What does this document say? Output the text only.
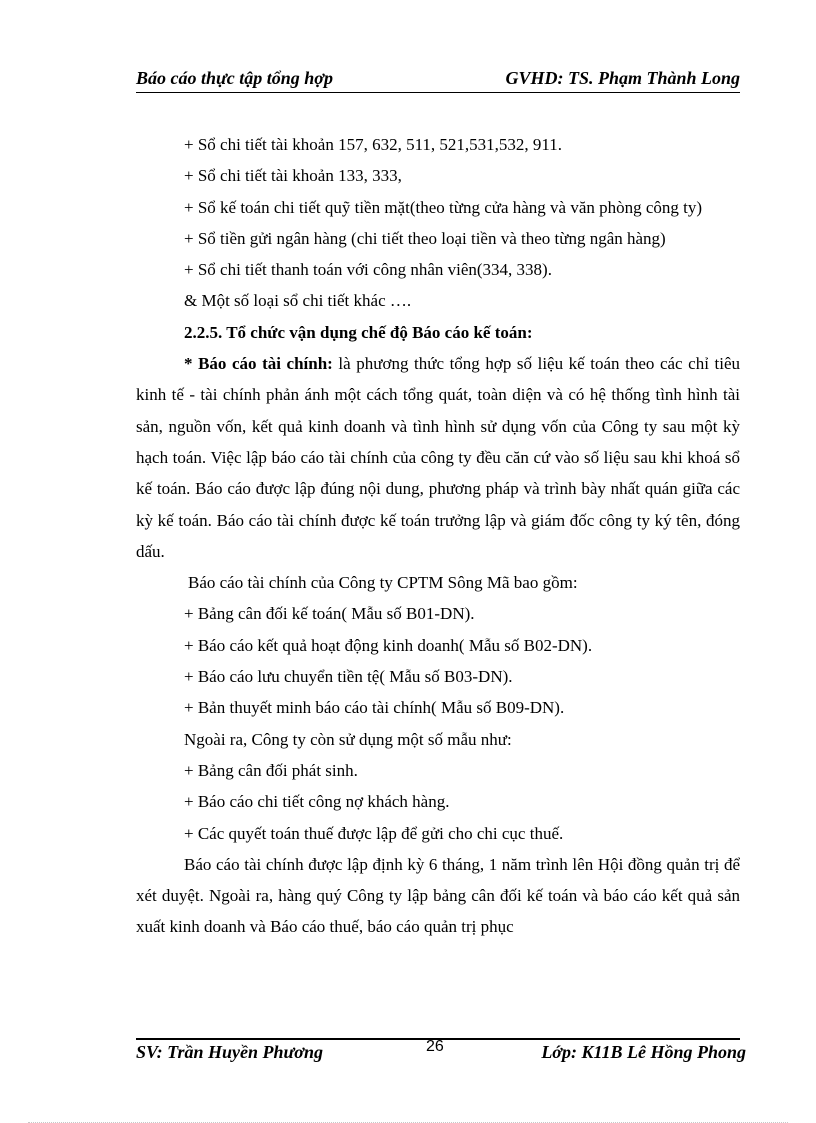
Báo cáo thực tập tổng hợp	GVHD: TS. Phạm Thành Long

+ Sổ chi tiết tài khoản 157, 632, 511, 521,531,532, 911.

+ Sổ chi tiết tài khoản 133, 333,

+ Sổ kế toán chi tiết quỹ tiền mặt(theo từng cửa hàng và văn phòng công ty)

+ Sổ tiền gửi ngân hàng (chi tiết theo loại tiền và theo từng ngân hàng)

+ Sổ chi tiết thanh toán với công nhân viên(334, 338).

& Một số loại sổ chi tiết khác ….

2.2.5. Tổ chức vận dụng chế độ Báo cáo kế toán:

* Báo cáo tài chính: là phương thức tổng hợp số liệu kế toán theo các chỉ tiêu kinh tế - tài chính phản ánh một cách tổng quát, toàn diện và có hệ thống tình hình tài sản, nguồn vốn, kết quả kinh doanh và tình hình sử dụng vốn của Công ty sau một kỳ hạch toán. Việc lập báo cáo tài chính của công ty đều căn cứ vào số liệu sau khi khoá sổ kế toán. Báo cáo được lập đúng nội dung, phương pháp và trình bày nhất quán giữa các kỳ kế toán. Báo cáo tài chính được kế toán trưởng lập và giám đốc công ty ký tên, đóng dấu.

Báo cáo tài chính của Công ty CPTM Sông Mã bao gồm:

+ Bảng cân đối kế toán( Mẫu số B01-DN).

+ Báo cáo kết quả hoạt động kinh doanh( Mẫu số B02-DN).

+ Báo cáo lưu chuyển tiền tệ( Mẫu số B03-DN).

+ Bản thuyết minh báo cáo tài chính( Mẫu số B09-DN).

Ngoài ra, Công ty còn sử dụng một số mẫu như:

+ Bảng cân đối phát sinh.

+ Báo cáo chi tiết công nợ khách hàng.

+ Các quyết toán thuế được lập để gửi cho chi cục thuế.

Báo cáo tài chính được lập định kỳ 6 tháng, 1 năm trình lên Hội đồng quản trị để xét duyệt. Ngoài ra, hàng quý Công ty lập bảng cân đối kế toán và báo cáo kết quả sản xuất kinh doanh và Báo cáo thuế, báo cáo quản trị phục

SV: Trần Huyền Phương	26	Lớp: K11B Lê Hồng Phong
